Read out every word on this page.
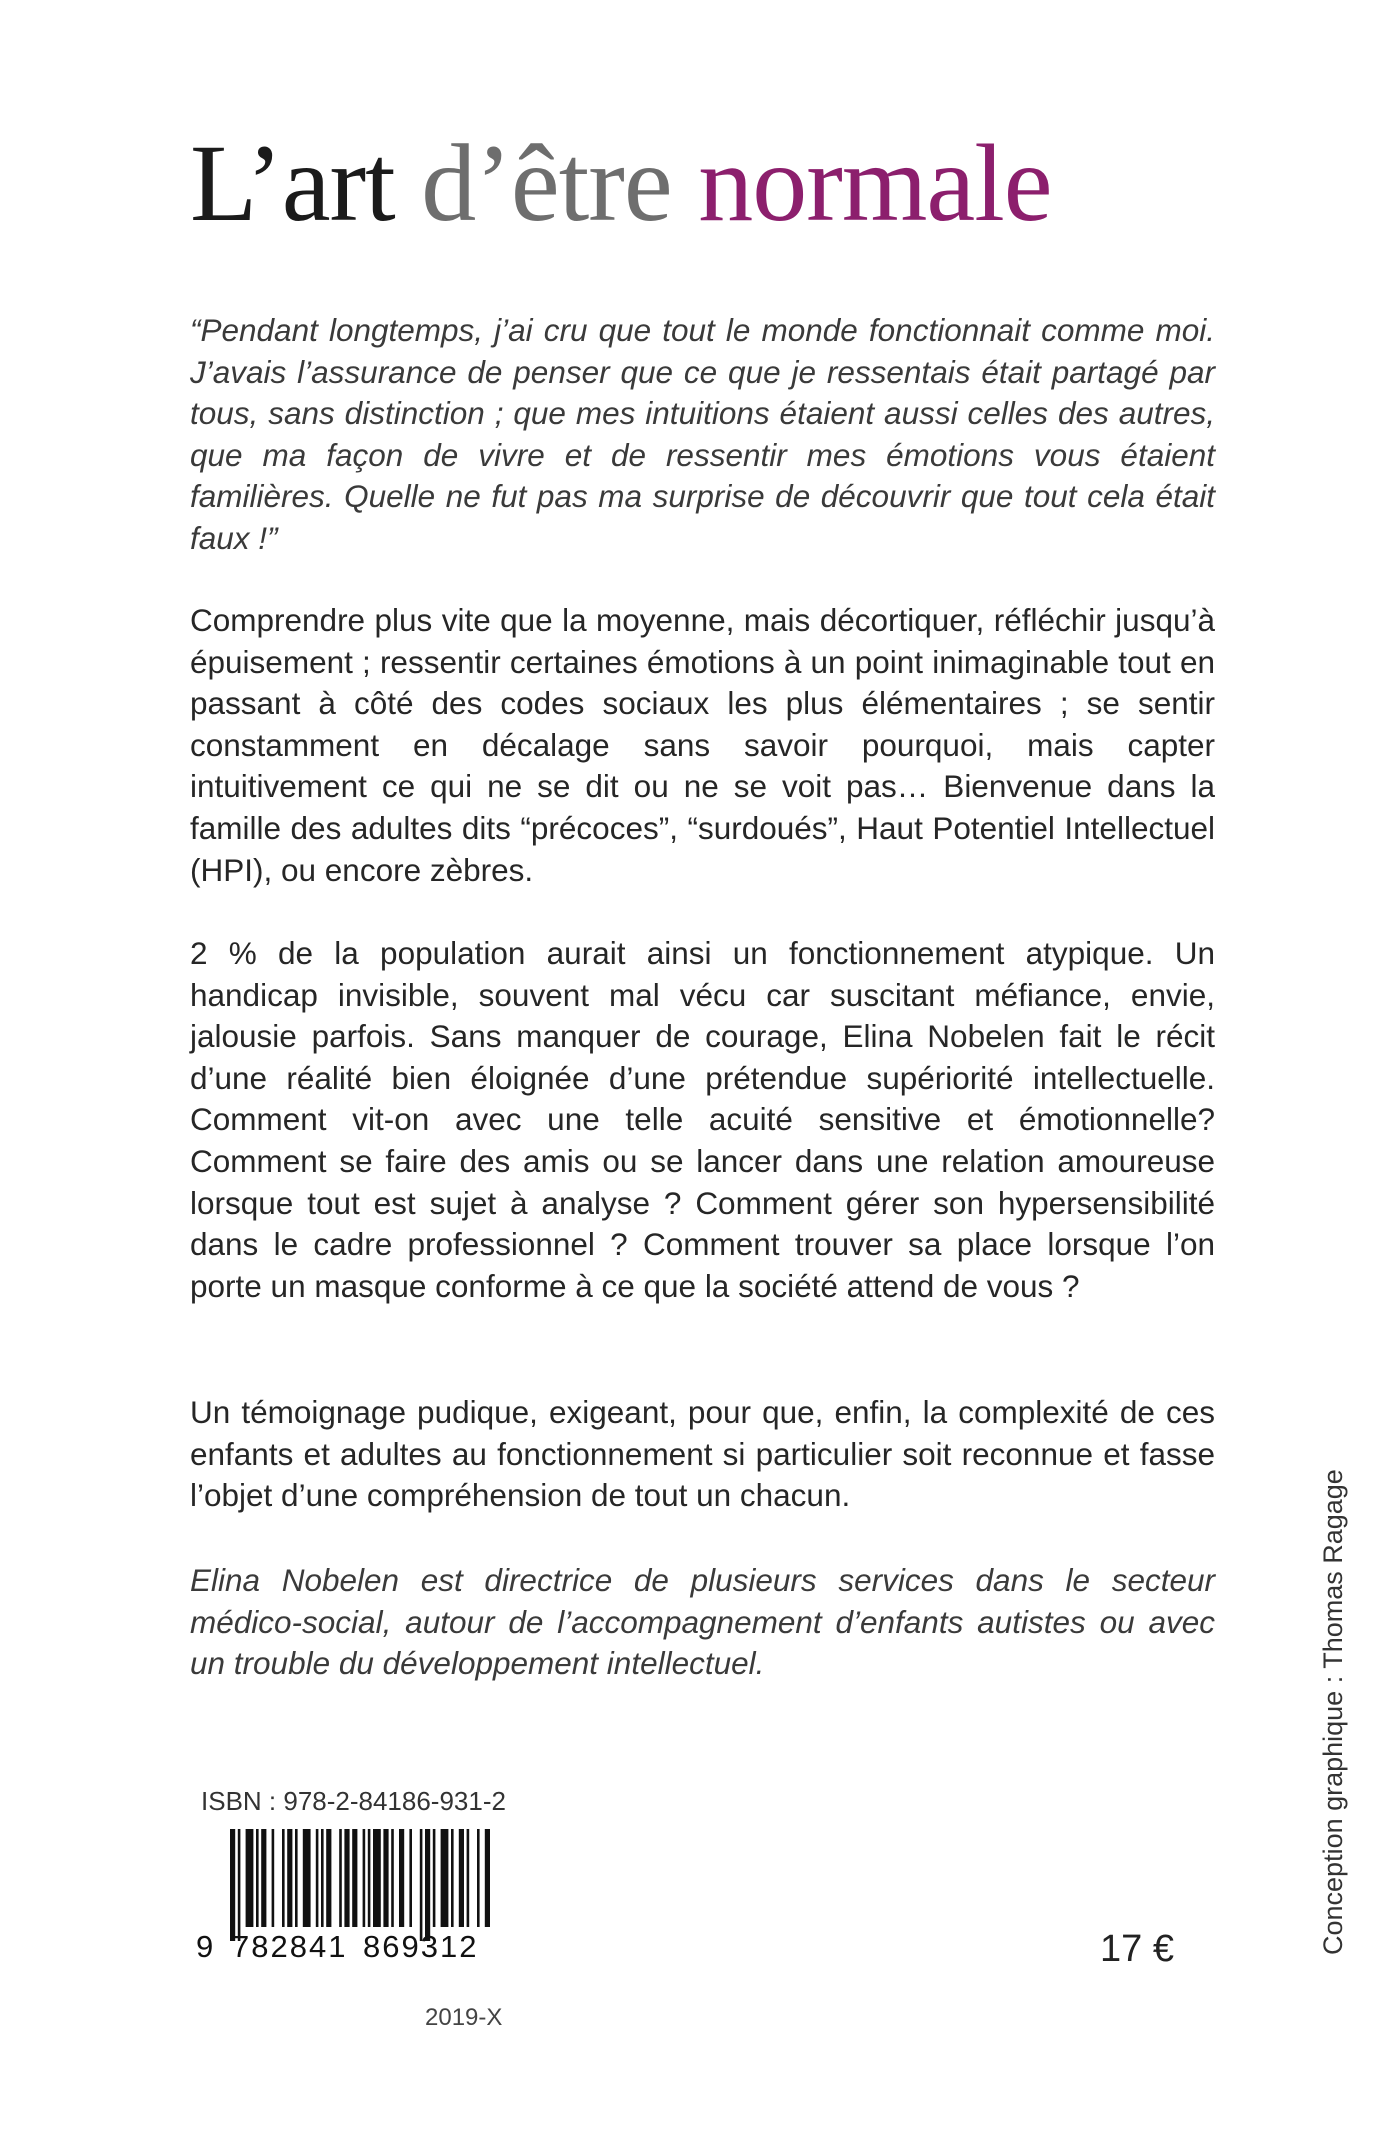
L’art d’être normale

“Pendant longtemps, j’ai cru que tout le monde fonctionnait comme moi. J’avais l’assurance de penser que ce que je ressentais était partagé par tous, sans distinction ; que mes intuitions étaient aussi celles des autres, que ma façon de vivre et de ressentir mes émotions vous étaient familières. Quelle ne fut pas ma surprise de découvrir que tout cela était faux !”

Comprendre plus vite que la moyenne, mais décortiquer, réfléchir jusqu’à épuisement ; ressentir certaines émotions à un point inimaginable tout en passant à côté des codes sociaux les plus élémentaires ; se sentir constamment en décalage sans savoir pourquoi, mais capter intuitivement ce qui ne se dit ou ne se voit pas… Bienvenue dans la famille des adultes dits “précoces”, “surdoués”, Haut Potentiel Intellectuel (HPI), ou encore zèbres.

2 % de la population aurait ainsi un fonctionnement atypique. Un handicap invisible, souvent mal vécu car suscitant méfiance, envie, jalousie parfois. Sans manquer de courage, Elina Nobelen fait le récit d’une réalité bien éloignée d’une prétendue supériorité intellectuelle. Comment vit-on avec une telle acuité sensitive et émotionnelle? Comment se faire des amis ou se lancer dans une relation amoureuse lorsque tout est sujet à analyse ? Comment gérer son hypersensibilité dans le cadre professionnel ? Comment trouver sa place lorsque l’on porte un masque conforme à ce que la société attend de vous ?

Un témoignage pudique, exigeant, pour que, enfin, la complexité de ces enfants et adultes au fonctionnement si particulier soit reconnue et fasse l’objet d’une compréhension de tout un chacun.

Elina Nobelen est directrice de plusieurs services dans le secteur médico-social, autour de l’accompagnement d’enfants autistes ou avec un trouble du développement intellectuel.	Conception graphique : Thomas Ragage
ISBN : 978-2-84186-931-2
9 782841 869312	17 €
2019-X
